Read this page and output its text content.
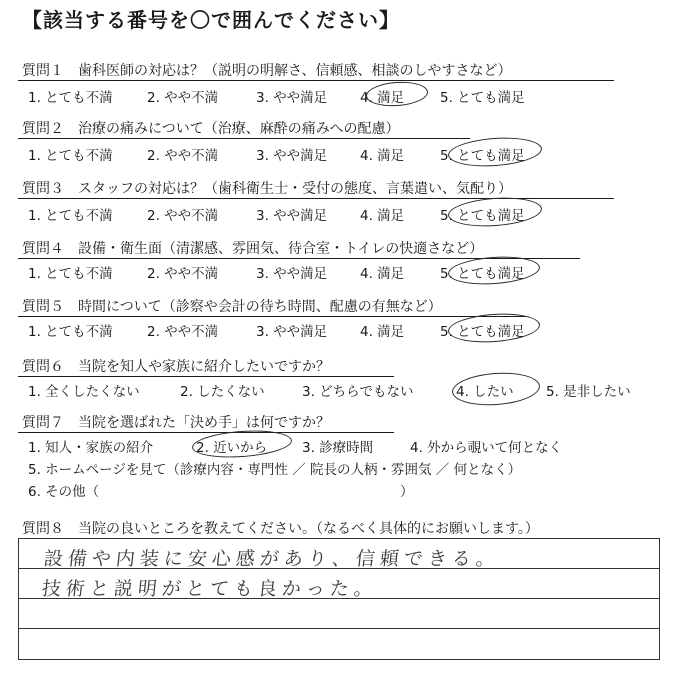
【該当する番号を〇で囲んでください】
質問１ 歯科医師の対応は？（説明の明解さ、信頼感、相談のしやすさなど）
1. とても不満	2. やや不満	3. やや満足 4. 満足	5. とても満足
質問２ 治療の痛みについて（治療、麻酔の痛みへの配慮）
1. とても不満	2. やや不満	3. やや満足 4. 満足	5. とても満足
質問３ スタッフの対応は？（歯科衛生士・受付の態度、言葉遣い、気配り）
1. とても不満	2. やや不満	3. やや満足 4. 満足	5. とても満足
質問４ 設備・衛生面（清潔感、雰囲気、待合室・トイレの快適さなど）
1. とても不満	2. やや不満	3. やや満足 4. 満足	5. とても満足
質問５ 時間について（診察や会計の待ち時間、配慮の有無など）
1. とても不満	2. やや不満	3. やや満足 4. 満足	5. とても満足
質問６ 当院を知人や家族に紹介したいですか？
1. 全くしたくない	2. したくない	3. どちらでもない	4. したい 5. 是非したい
質問７ 当院を選ばれた「決め手」は何ですか？
1. 知人・家族の紹介	2. 近いから	3. 診療時間	4. 外から覗いて何となく
5. ホームページを見て（診療内容・専門性 ／ 院長の人柄・雰囲気 ／ 何となく）
6. その他（	）
質問８ 当院の良いところを教えてください。（なるべく具体的にお願いします。）
設備や内装に安心感があり、信頼できる。
技術と説明がとても良かった。
